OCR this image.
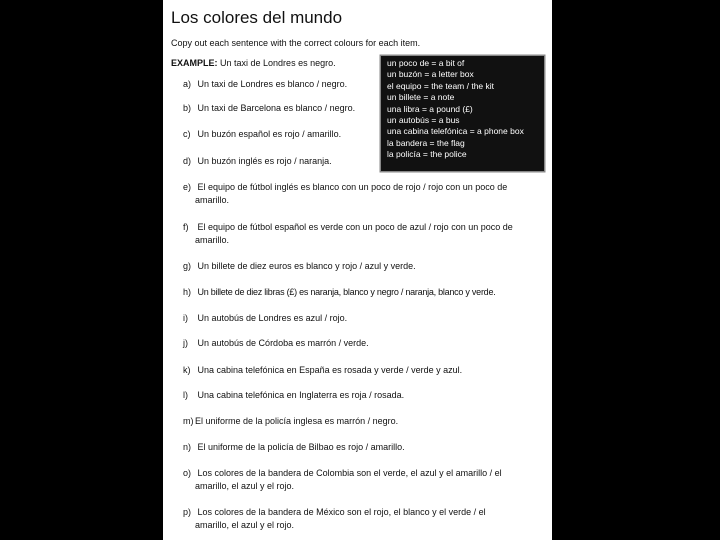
Los colores del mundo
Copy out each sentence with the correct colours for each item.
EXAMPLE: Un taxi de Londres es negro.	un poco de = a bit of
un buzón = a letter box
el equipo = the team / the kit
un billete = a note
una libra = a pound (£)
un autobús = a bus
una cabina telefónica = a phone box
la bandera = the flag
la policía = the police
a) Un taxi de Londres es blanco / negro.
b) Un taxi de Barcelona es blanco / negro.
c) Un buzón español es rojo / amarillo.
d) Un buzón inglés es rojo / naranja.
e) El equipo de fútbol inglés es blanco con un poco de rojo / rojo con un poco de
amarillo.
f) El equipo de fútbol español es verde con un poco de azul / rojo con un poco de
amarillo.
g) Un billete de diez euros es blanco y rojo / azul y verde.
h) Un billete de diez libras (£) es naranja, blanco y negro / naranja, blanco y verde.
i) Un autobús de Londres es azul / rojo.
j) Un autobús de Córdoba es marrón / verde.
k) Una cabina telefónica en España es rosada y verde / verde y azul.
l) Una cabina telefónica en Inglaterra es roja / rosada.
m) El uniforme de la policía inglesa es marrón / negro.
n) El uniforme de la policía de Bilbao es rojo / amarillo.
o) Los colores de la bandera de Colombia son el verde, el azul y el amarillo / el
amarillo, el azul y el rojo.
p) Los colores de la bandera de México son el rojo, el blanco y el verde / el
amarillo, el azul y el rojo.
